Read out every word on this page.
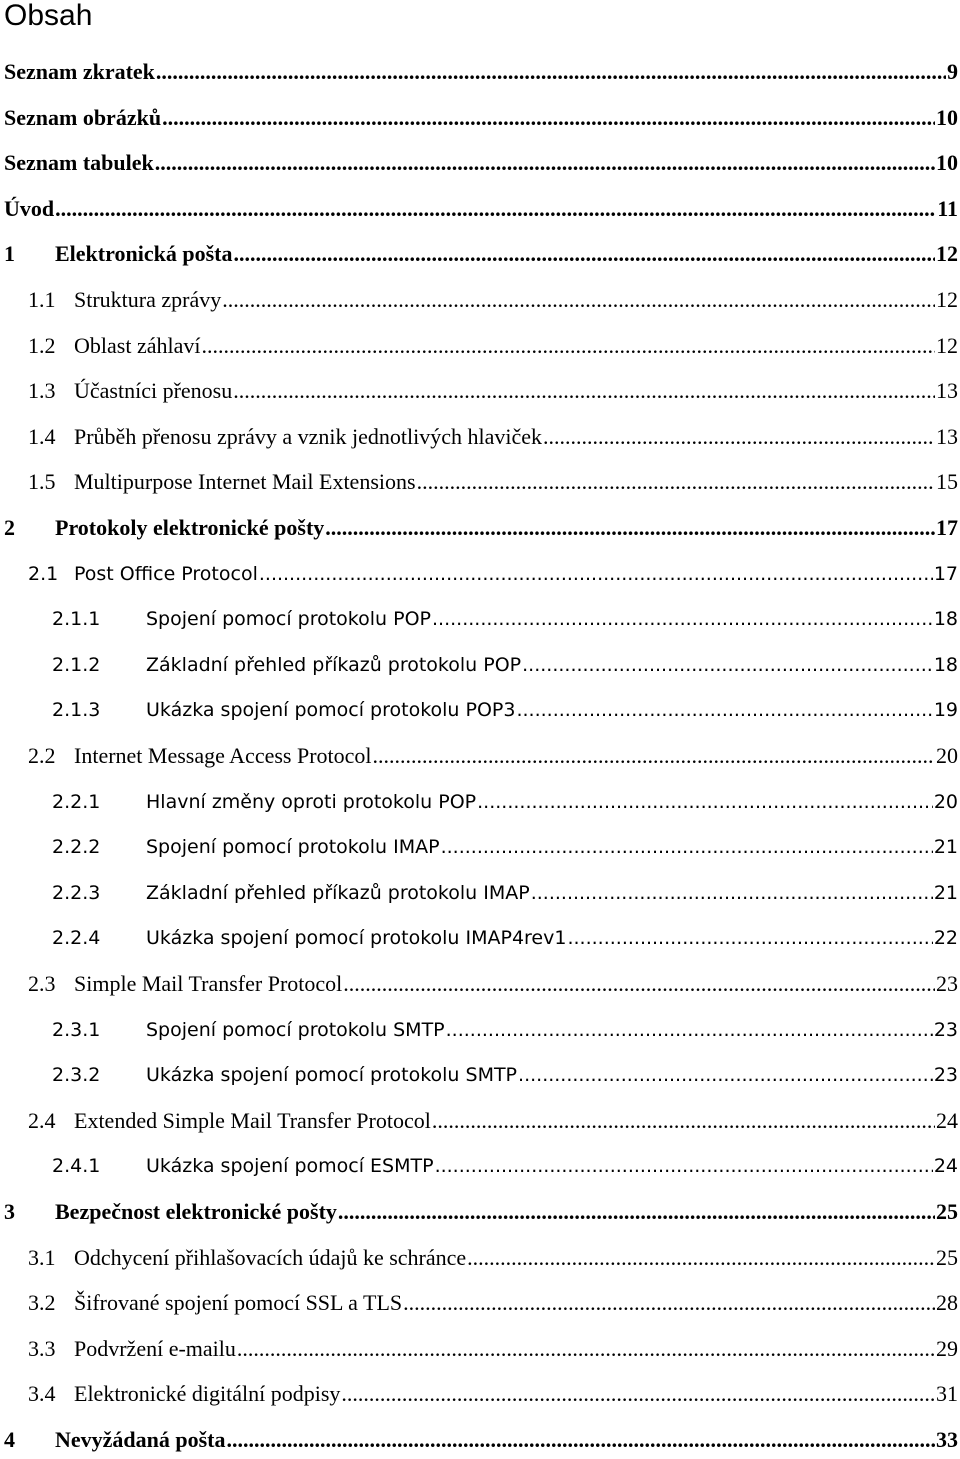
Obsah
Seznam zkratek .....	9
Seznam obrázků .....	10
Seznam tabulek .....	10
Úvod .....	11
1	Elektronická pošta .....	12
1.1 Struktura zprávy .....	12
1.2 Oblast záhlaví .....	12
1.3 Účastníci přenosu .....	13
1.4 Průběh přenosu zprávy a vznik jednotlivých hlaviček .....	13
1.5 Multipurpose Internet Mail Extensions .....	15
2	Protokoly elektronické pošty .....	17
2.1 Post Office Protocol .....	17
2.1.1	Spojení pomocí protokolu POP .....	18
2.1.2	Základní přehled příkazů protokolu POP .....	18
2.1.3	Ukázka spojení pomocí protokolu POP3 .....	19
2.2 Internet Message Access Protocol .....	20
2.2.1	Hlavní změny oproti protokolu POP .....	20
2.2.2	Spojení pomocí protokolu IMAP .....	21
2.2.3	Základní přehled příkazů protokolu IMAP .....	21
2.2.4	Ukázka spojení pomocí protokolu IMAP4rev1 .....	22
2.3 Simple Mail Transfer Protocol .....	23
2.3.1	Spojení pomocí protokolu SMTP .....	23
2.3.2	Ukázka spojení pomocí protokolu SMTP .....	23
2.4 Extended Simple Mail Transfer Protocol .....	24
2.4.1	Ukázka spojení pomocí ESMTP .....	24
3	Bezpečnost elektronické pošty .....	25
3.1 Odchycení přihlašovacích údajů ke schránce .....	25
3.2 Šifrované spojení pomocí SSL a TLS .....	28
3.3 Podvržení e-mailu .....	29
3.4 Elektronické digitální podpisy .....	31
4	Nevyžádaná pošta .....	33
